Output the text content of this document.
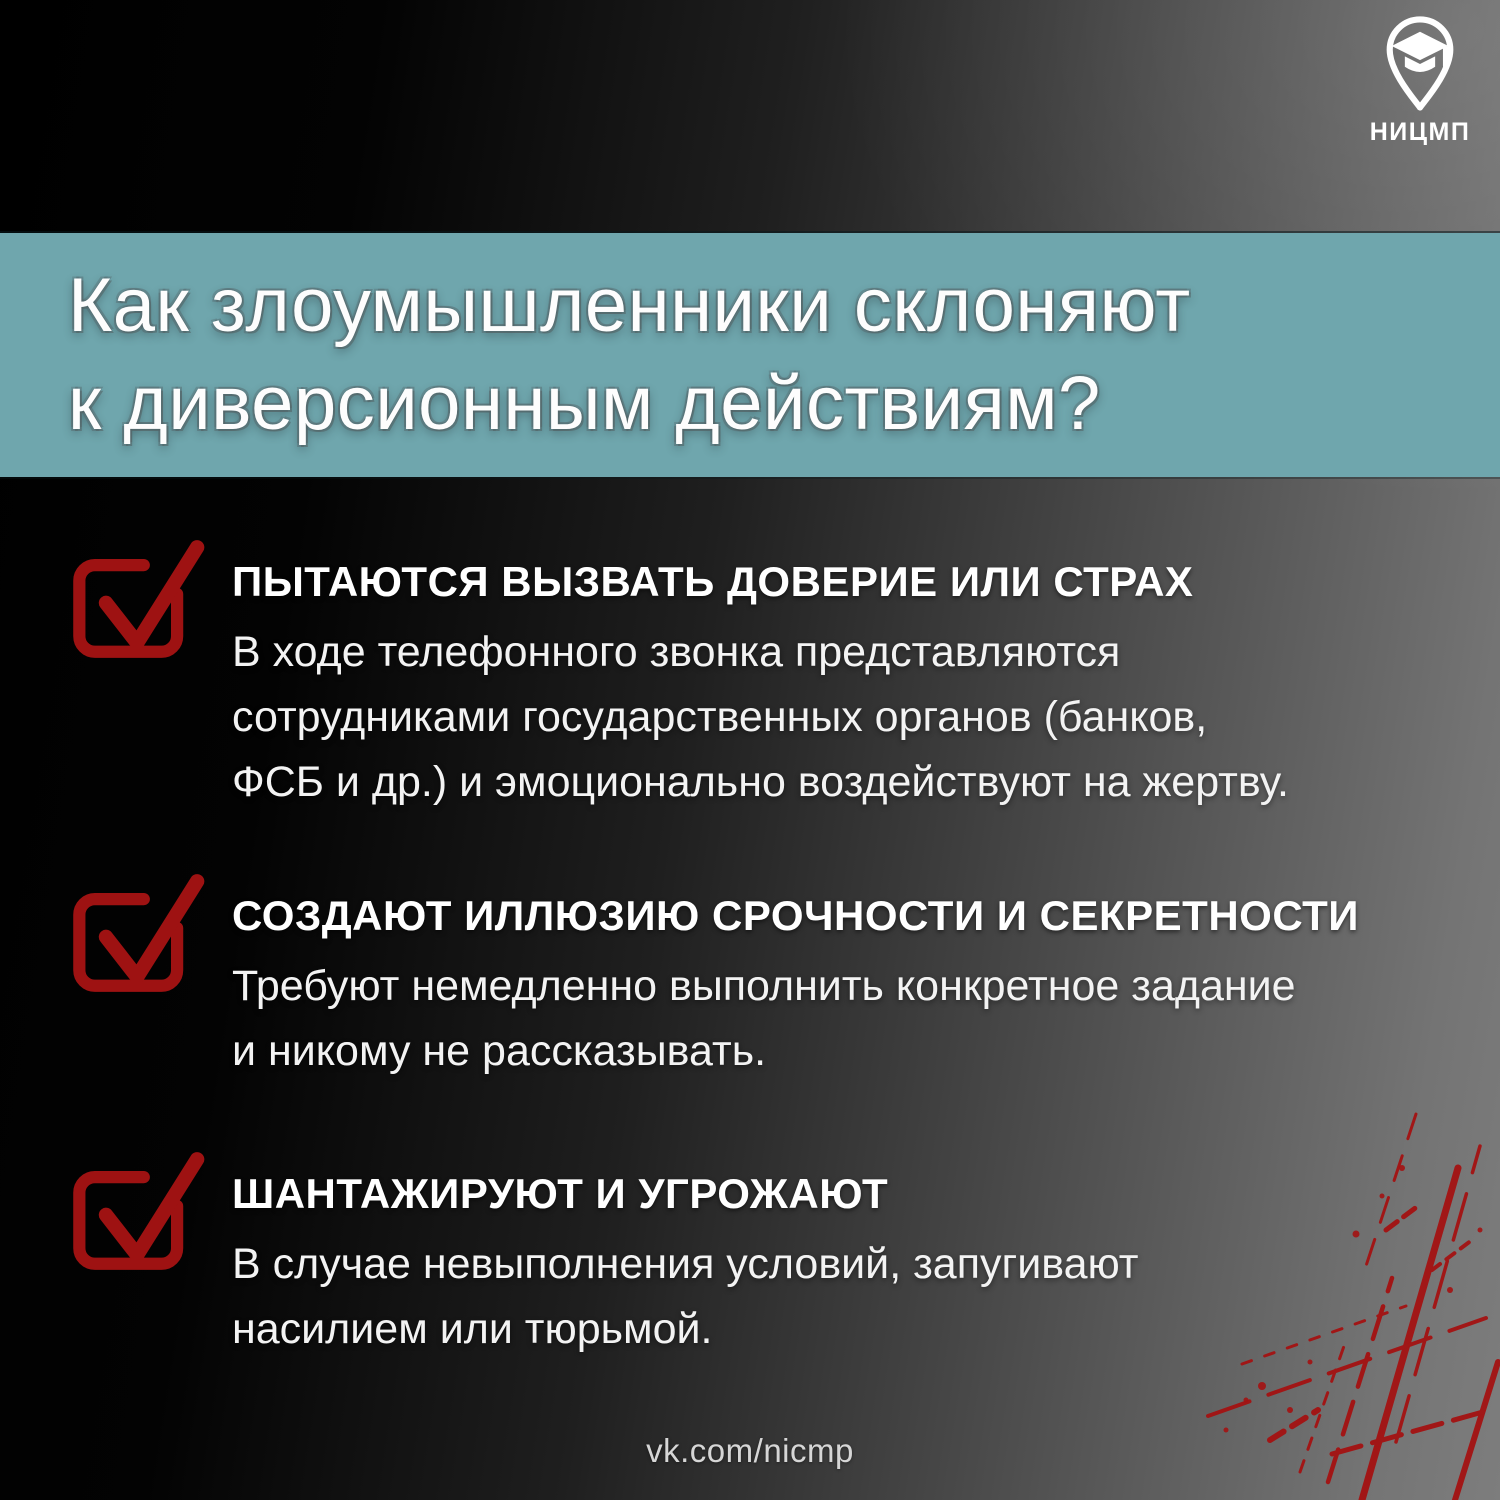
НИЦМП
Как злоумышленники склоняют
к диверсионным действиям?
ПЫТАЮТСЯ ВЫЗВАТЬ ДОВЕРИЕ ИЛИ СТРАХ
В ходе телефонного звонка представляются
сотрудниками государственных органов (банков,
ФСБ и др.) и эмоционально воздействуют на жертву.
СОЗДАЮТ ИЛЛЮЗИЮ СРОЧНОСТИ И СЕКРЕТНОСТИ
Требуют немедленно выполнить конкретное задание
и никому не рассказывать.
ШАНТАЖИРУЮТ И УГРОЖАЮТ
В случае невыполнения условий, запугивают
насилием или тюрьмой.
vk.com/nicmp
